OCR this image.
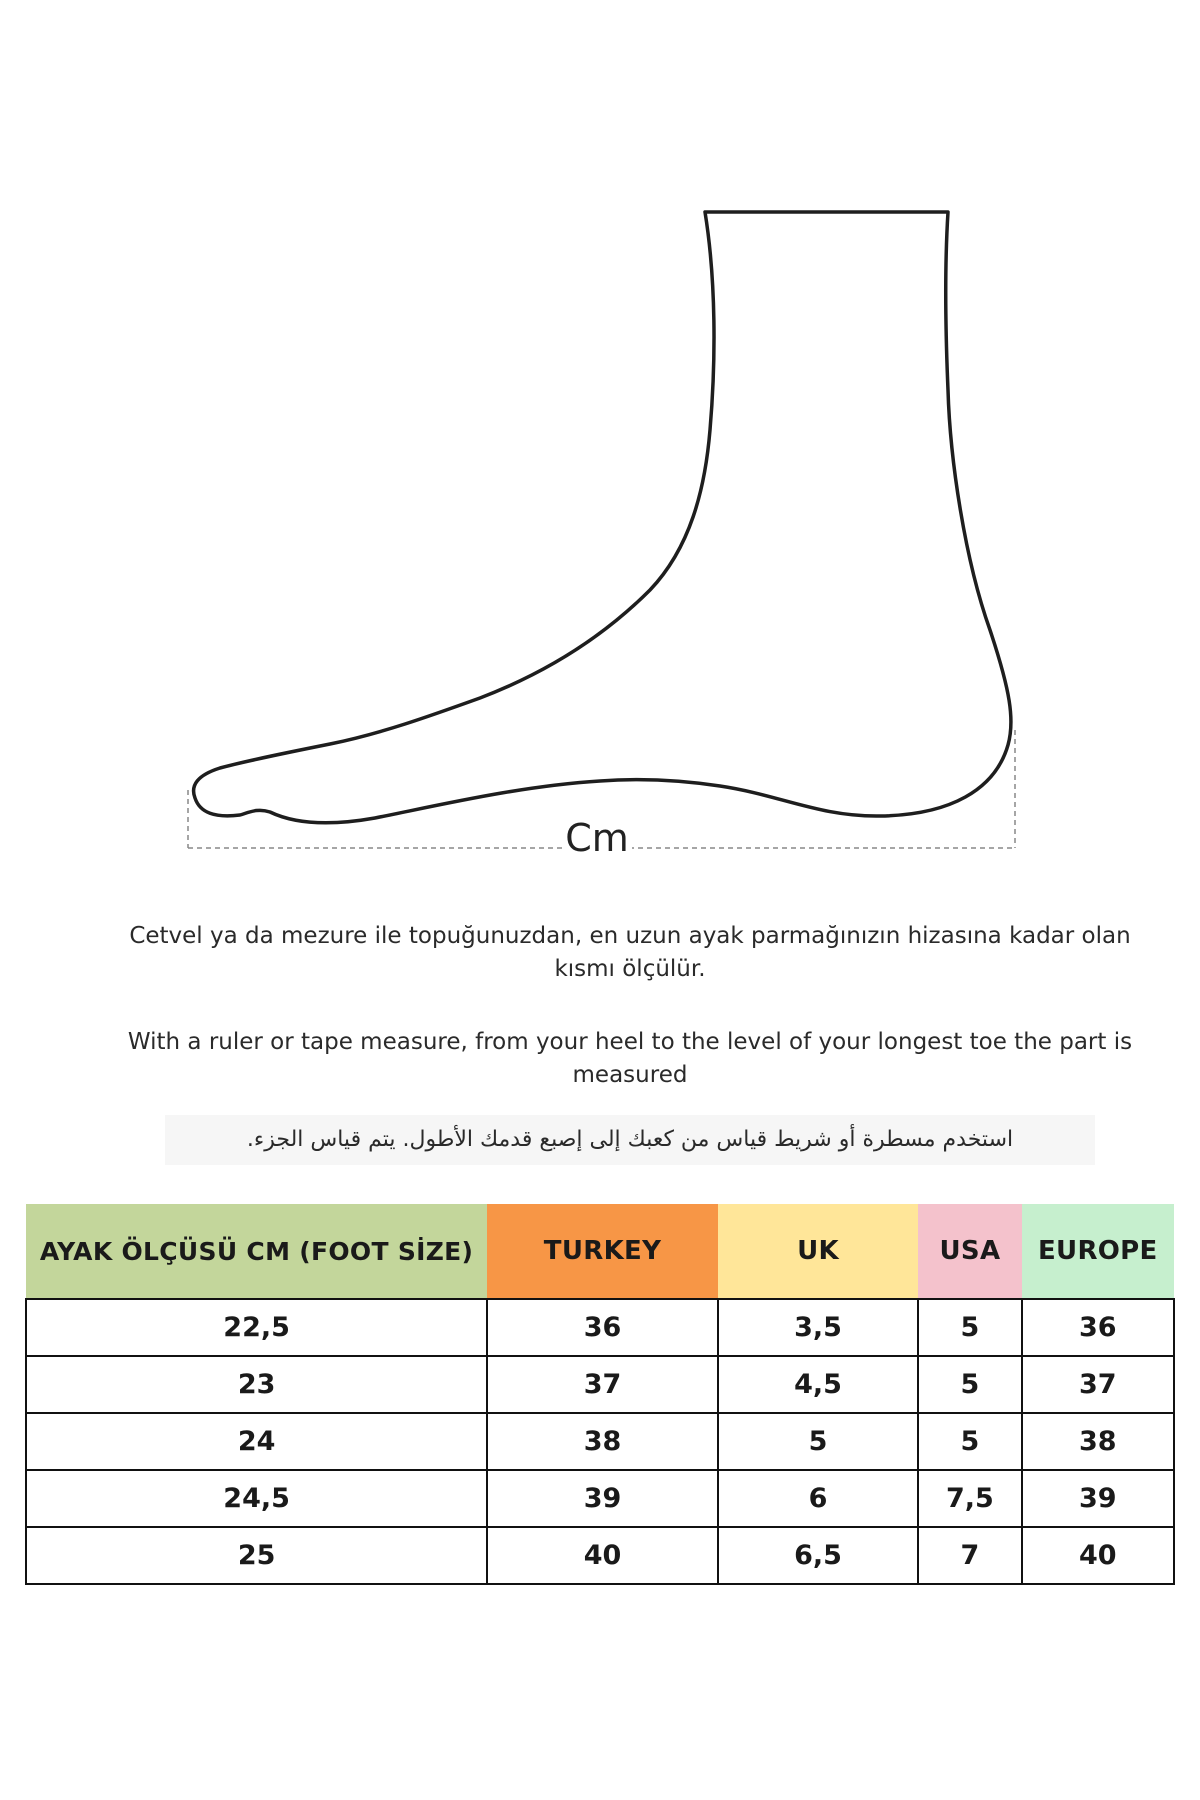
Cm
Cetvel ya da mezure ile topuğunuzdan, en uzun ayak parmağınızın hizasına kadar olan kısmı ölçülür.
With a ruler or tape measure, from your heel to the level of your longest toe the part is measured
استخدم مسطرة أو شريط قياس من كعبك إلى إصبع قدمك الأطول. يتم قياس الجزء.
AYAK ÖLÇÜSÜ CM (FOOT SİZE)	TURKEY	UK	USA	EUROPE
22,5	36	3,5	5	36
23	37	4,5	5	37
24	38	5	5	38
24,5	39	6	7,5	39
25	40	6,5	7	40
